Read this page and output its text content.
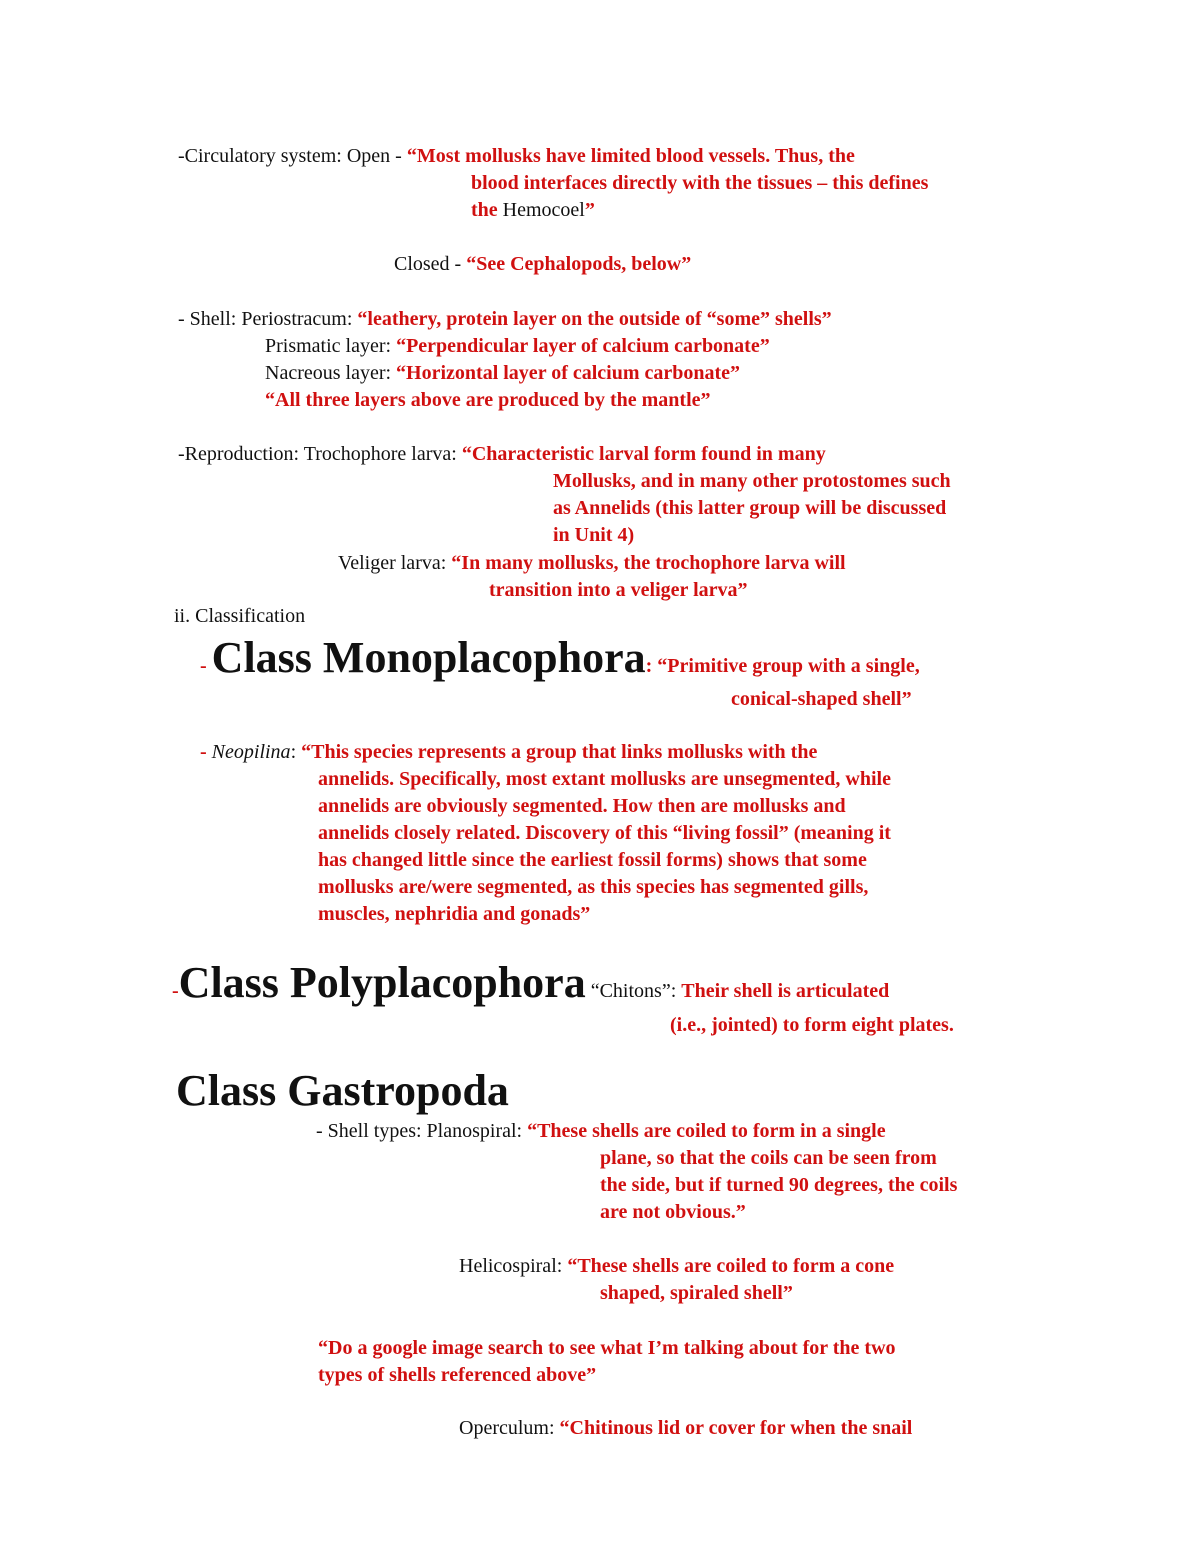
-Circulatory system: Open - “Most mollusks have limited blood vessels. Thus, the
blood interfaces directly with the tissues – this defines
the Hemocoel”
Closed - “See Cephalopods, below”
- Shell: Periostracum: “leathery, protein layer on the outside of “some” shells”
Prismatic layer: “Perpendicular layer of calcium carbonate”
Nacreous layer: “Horizontal layer of calcium carbonate”
“All three layers above are produced by the mantle”
-Reproduction: Trochophore larva: “Characteristic larval form found in many
Mollusks, and in many other protostomes such
as Annelids (this latter group will be discussed
in Unit 4)
Veliger larva: “In many mollusks, the trochophore larva will
transition into a veliger larva”
ii. Classification
- Class Monoplacophora: “Primitive group with a single,
conical-shaped shell”
- Neopilina: “This species represents a group that links mollusks with the
annelids. Specifically, most extant mollusks are unsegmented, while
annelids are obviously segmented. How then are mollusks and
annelids closely related. Discovery of this “living fossil” (meaning it
has changed little since the earliest fossil forms) shows that some
mollusks are/were segmented, as this species has segmented gills,
muscles, nephridia and gonads”
-Class Polyplacophora “Chitons”: Their shell is articulated
(i.e., jointed) to form eight plates.
Class Gastropoda
- Shell types: Planospiral: “These shells are coiled to form in a single
plane, so that the coils can be seen from
the side, but if turned 90 degrees, the coils
are not obvious.”
Helicospiral: “These shells are coiled to form a cone
shaped, spiraled shell”
“Do a google image search to see what I’m talking about for the two
types of shells referenced above”
Operculum: “Chitinous lid or cover for when the snail
